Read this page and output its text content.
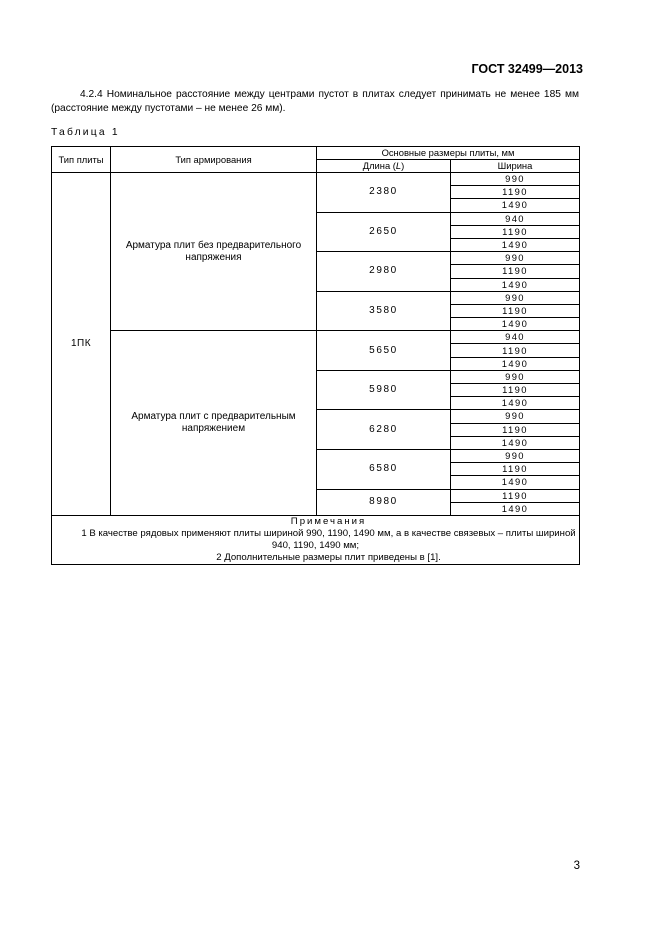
ГОСТ 32499—2013
4.2.4 Номинальное расстояние между центрами пустот в плитах следует принимать не менее 185 мм (расстояние между пустотами – не менее 26 мм).
Таблица 1
Тип плиты	Тип армирования	Основные размеры плиты, мм	
		Длина (L)	Ширина
1ПК	Арматура плит без предварительного напряжения	2380	990
			1190
			1490
		2650	940
			1190
			1490
		2980	990
			1190
			1490
		3580	990
			1190
			1490
	Арматура плит с предварительным напряжением	5650	940
			1190
			1490
		5980	990
			1190
			1490
		6280	990
			1190
			1490
		6580	990
			1190
			1490
		8980	1190
			1490

Примечания
1 В качестве рядовых применяют плиты шириной 990, 1190, 1490 мм, а в качестве связевых – плиты шириной 940, 1190, 1490 мм;
2 Дополнительные размеры плит приведены в [1].			
3
